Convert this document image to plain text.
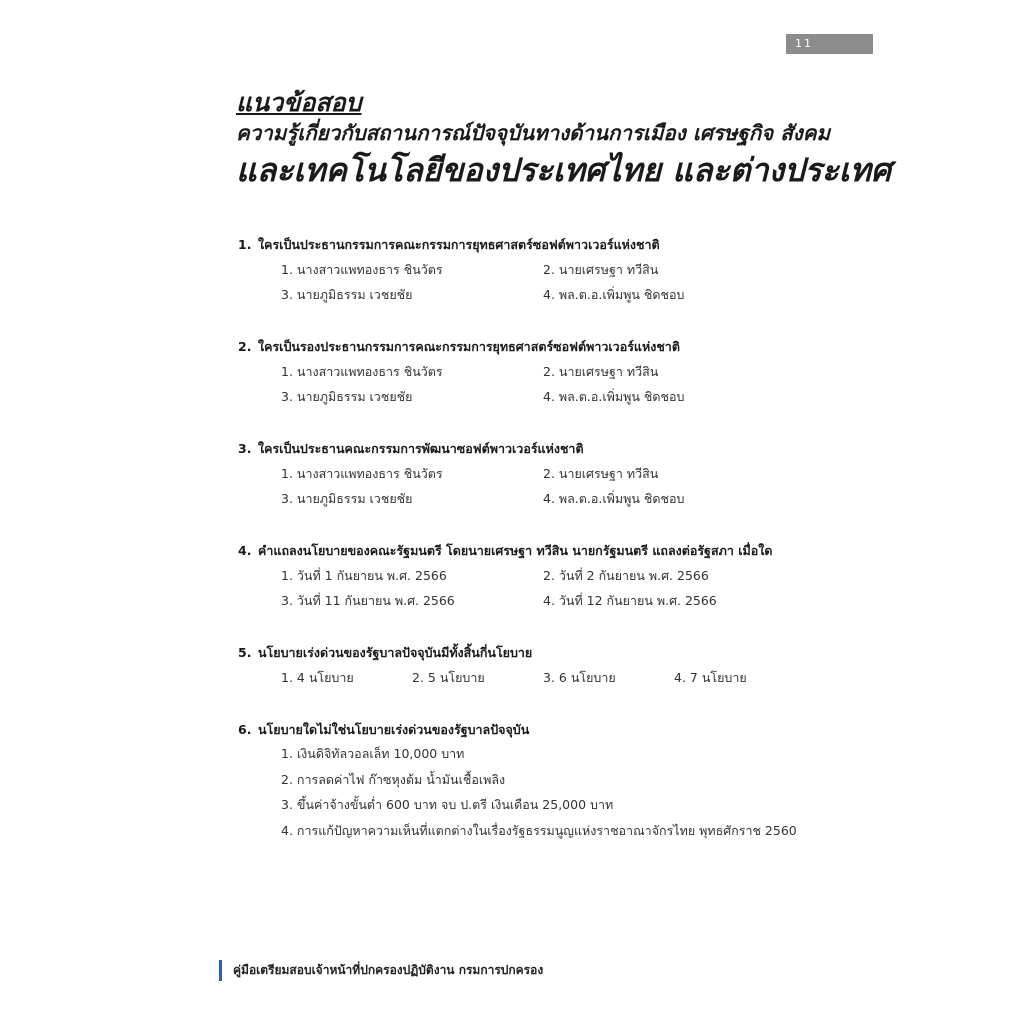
11
แนวข้อสอบ
ความรู้เกี่ยวกับสถานการณ์ปัจจุบันทางด้านการเมือง เศรษฐกิจ สังคม
และเทคโนโลยีของประเทศไทย และต่างประเทศ
1. ใครเป็นประธานกรรมการคณะกรรมการยุทธศาสตร์ซอฟต์พาวเวอร์แห่งชาติ
1. นางสาวแพทองธาร ชินวัตร	2. นายเศรษฐา ทวีสิน
3. นายภูมิธรรม เวชยชัย	4. พล.ต.อ.เพิ่มพูน ชิดชอบ
2. ใครเป็นรองประธานกรรมการคณะกรรมการยุทธศาสตร์ซอฟต์พาวเวอร์แห่งชาติ
1. นางสาวแพทองธาร ชินวัตร	2. นายเศรษฐา ทวีสิน
3. นายภูมิธรรม เวชยชัย	4. พล.ต.อ.เพิ่มพูน ชิดชอบ
3. ใครเป็นประธานคณะกรรมการพัฒนาซอฟต์พาวเวอร์แห่งชาติ
1. นางสาวแพทองธาร ชินวัตร	2. นายเศรษฐา ทวีสิน
3. นายภูมิธรรม เวชยชัย	4. พล.ต.อ.เพิ่มพูน ชิดชอบ
4. คำแถลงนโยบายของคณะรัฐมนตรี โดยนายเศรษฐา ทวีสิน นายกรัฐมนตรี แถลงต่อรัฐสภา เมื่อใด
1. วันที่ 1 กันยายน พ.ศ. 2566	2. วันที่ 2 กันยายน พ.ศ. 2566
3. วันที่ 11 กันยายน พ.ศ. 2566	4. วันที่ 12 กันยายน พ.ศ. 2566
5. นโยบายเร่งด่วนของรัฐบาลปัจจุบันมีทั้งสิ้นกี่นโยบาย
1. 4 นโยบาย	2. 5 นโยบาย	3. 6 นโยบาย	4. 7 นโยบาย
6. นโยบายใดไม่ใช่นโยบายเร่งด่วนของรัฐบาลปัจจุบัน
1. เงินดิจิทัลวอลเล็ท 10,000 บาท
2. การลดค่าไฟ ก๊าซหุงต้ม น้ำมันเชื้อเพลิง
3. ขึ้นค่าจ้างขั้นต่ำ 600 บาท จบ ป.ตรี เงินเดือน 25,000 บาท
4. การแก้ปัญหาความเห็นที่แตกต่างในเรื่องรัฐธรรมนูญแห่งราชอาณาจักรไทย พุทธศักราช 2560
คู่มือเตรียมสอบเจ้าหน้าที่ปกครองปฏิบัติงาน กรมการปกครอง
